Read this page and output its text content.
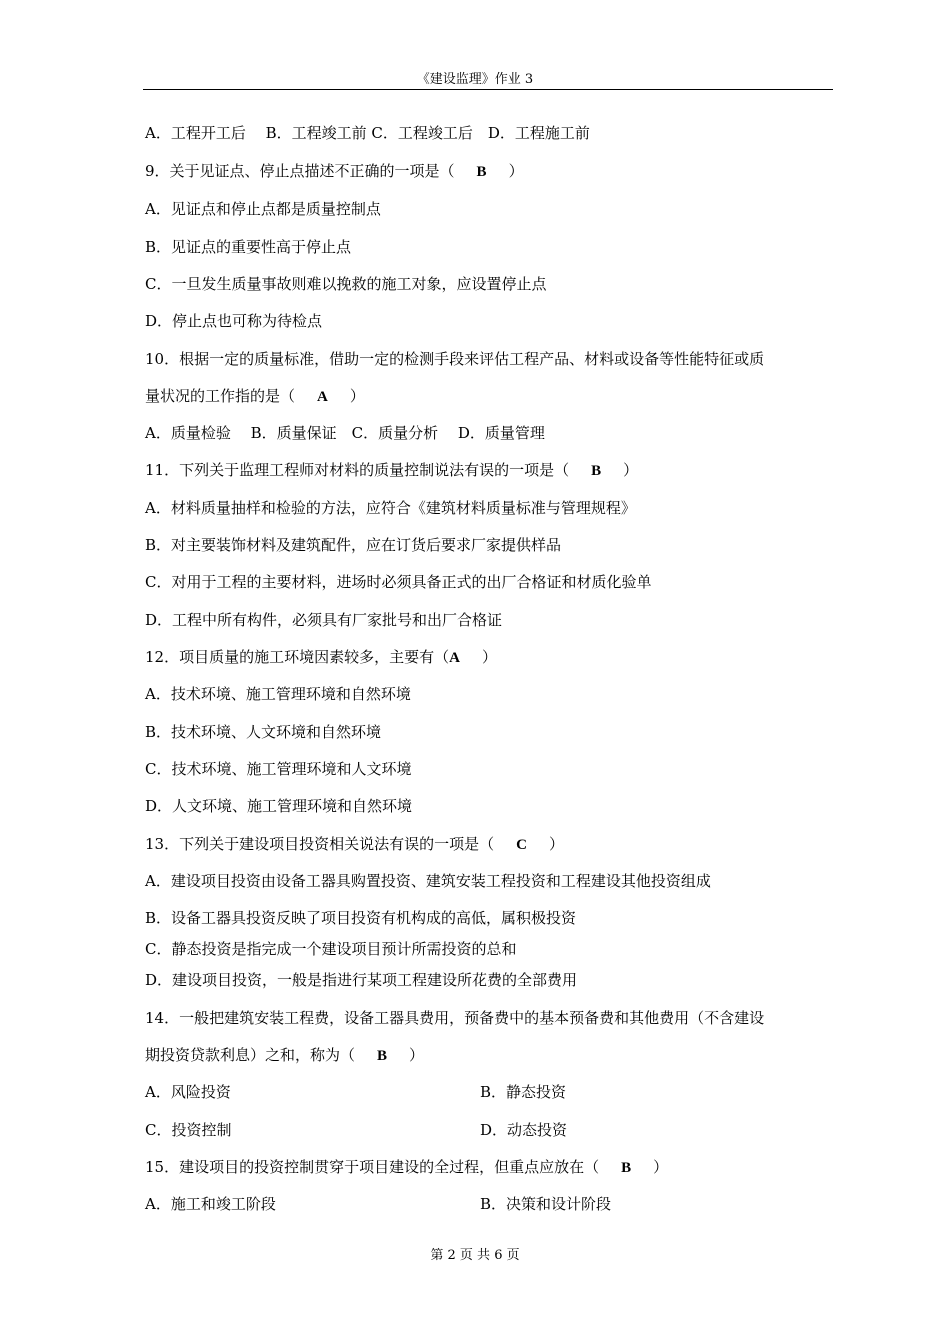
《建设监理》作业 3
A．工程开工后　 B．工程竣工前 C．工程竣工后　D．工程施工前
9．关于见证点、停止点描述不正确的一项是（ B ）
A．见证点和停止点都是质量控制点
B．见证点的重要性高于停止点
C．一旦发生质量事故则难以挽救的施工对象，应设置停止点
D．停止点也可称为待检点
10．根据一定的质量标准，借助一定的检测手段来评估工程产品、材料或设备等性能特征或质
量状况的工作指的是（ A ）
A．质量检验　 B．质量保证　C．质量分析　 D．质量管理
11．下列关于监理工程师对材料的质量控制说法有误的一项是（ B ）
A．材料质量抽样和检验的方法，应符合《建筑材料质量标准与管理规程》
B．对主要装饰材料及建筑配件，应在订货后要求厂家提供样品
C．对用于工程的主要材料，进场时必须具备正式的出厂合格证和材质化验单
D．工程中所有构件，必须具有厂家批号和出厂合格证
12．项目质量的施工环境因素较多，主要有（A ）
A．技术环境、施工管理环境和自然环境
B．技术环境、人文环境和自然环境
C．技术环境、施工管理环境和人文环境
D．人文环境、施工管理环境和自然环境
13．下列关于建设项目投资相关说法有误的一项是（ C ）
A．建设项目投资由设备工器具购置投资、建筑安装工程投资和工程建设其他投资组成
B．设备工器具投资反映了项目投资有机构成的高低，属积极投资
C．静态投资是指完成一个建设项目预计所需投资的总和
D．建设项目投资，一般是指进行某项工程建设所花费的全部费用
14．一般把建筑安装工程费，设备工器具费用，预备费中的基本预备费和其他费用（不含建设
期投资贷款利息）之和，称为（ B ）
A．风险投资	B．静态投资
C．投资控制	D．动态投资
15．建设项目的投资控制贯穿于项目建设的全过程，但重点应放在（ B ）
A．施工和竣工阶段	B．决策和设计阶段
第 2 页 共 6 页
